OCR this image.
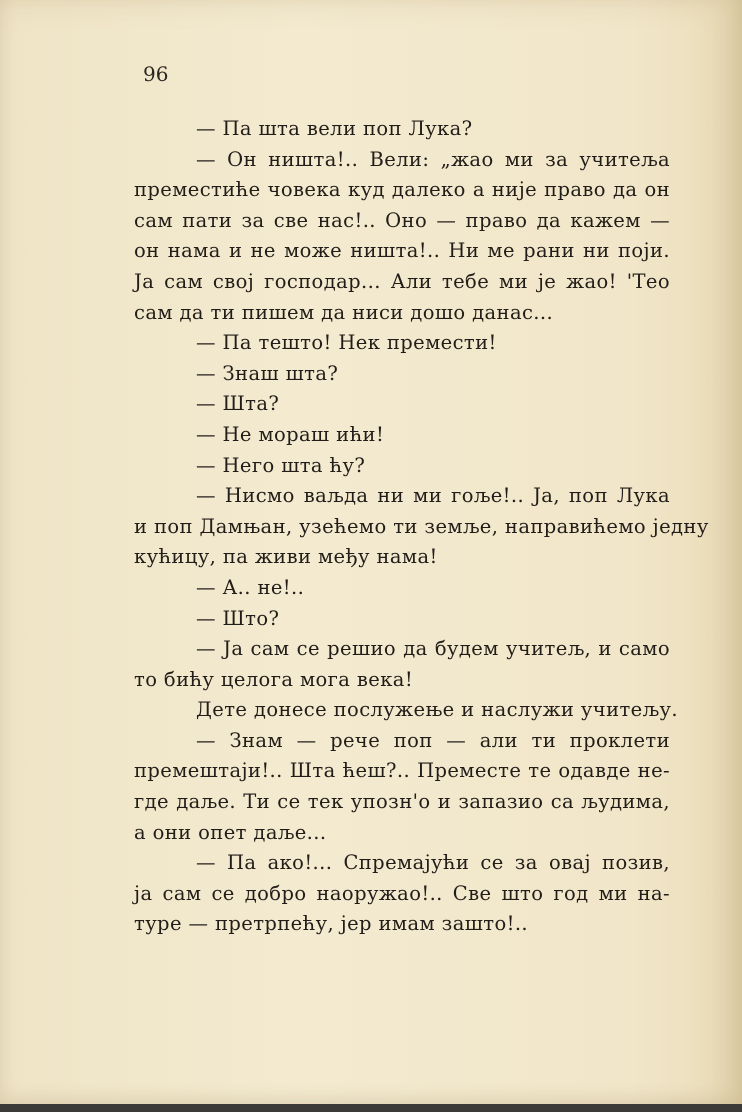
96
— Па шта вели поп Лука?
— Он ништа!.. Вели: „жао ми за учитеља
преместиће човека куд далеко а није право да он
сам пати за све нас!.. Оно — право да кажем —
он нама и не може ништа!.. Ни ме рани ни поји.
Ја сам свој господар... Али тебе ми је жао! 'Тео
сам да ти пишем да ниси дошо данас...
— Па тешто! Нек премести!
— Знаш шта?
— Шта?
— Не мораш ићи!
— Него шта ћу?
— Нисмо ваљда ни ми гоље!.. Ја, поп Лука
и поп Дамњан, узећемо ти земље, направићемо једну
кућицу, па живи међу нама!
— А.. не!..
— Што?
— Ја сам се решио да будем учитељ, и само
то бићу целога мога века!
Дете донесе послужење и наслужи учитељу.
— Знам — рече поп — али ти проклети
премештаји!.. Шта ћеш?.. Преместе те одавде не-
где даље. Ти се тек упозн'о и запазио са људима,
а они опет даље...
— Па ако!... Спремајући се за овај позив,
ја сам се добро наоружао!.. Све што год ми на-
туре — претрпећу, јер имам зашто!..
